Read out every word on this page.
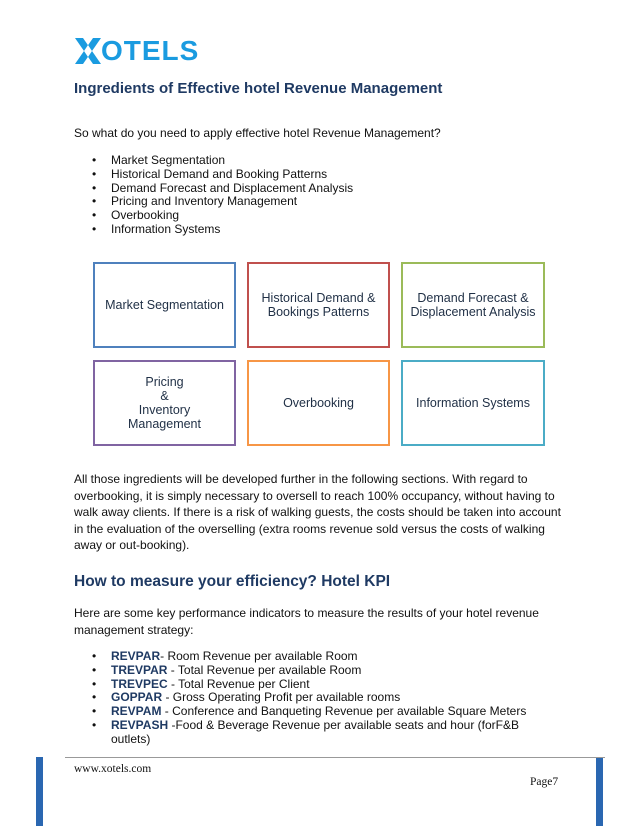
OTELS
Ingredients of Effective hotel Revenue Management
So what do you need to apply effective hotel Revenue Management?
• Market Segmentation
• Historical Demand and Booking Patterns
• Demand Forecast and Displacement Analysis
• Pricing and Inventory Management
• Overbooking
• Information Systems
Market Segmentation	Historical Demand & Bookings Patterns
Demand Forecast & Displacement Analysis
Pricing
&
Inventory
Management
Overbooking	Information Systems
All those ingredients will be developed further in the following sections. With regard to overbooking, it is simply necessary to oversell to reach 100% occupancy, without having to walk away clients. If there is a risk of walking guests, the costs should be taken into account in the evaluation of the overselling (extra rooms revenue sold versus the costs of walking away or out-booking).
How to measure your efficiency? Hotel KPI
Here are some key performance indicators to measure the results of your hotel revenue management strategy:
• REVPAR- Room Revenue per available Room
• TREVPAR - Total Revenue per available Room
• TREVPEC - Total Revenue per Client
• GOPPAR - Gross Operating Profit per available rooms
• REVPAM - Conference and Banqueting Revenue per available Square Meters
• REVPASH -Food & Beverage Revenue per available seats and hour (forF&B outlets)
www.xotels.com
Page7
